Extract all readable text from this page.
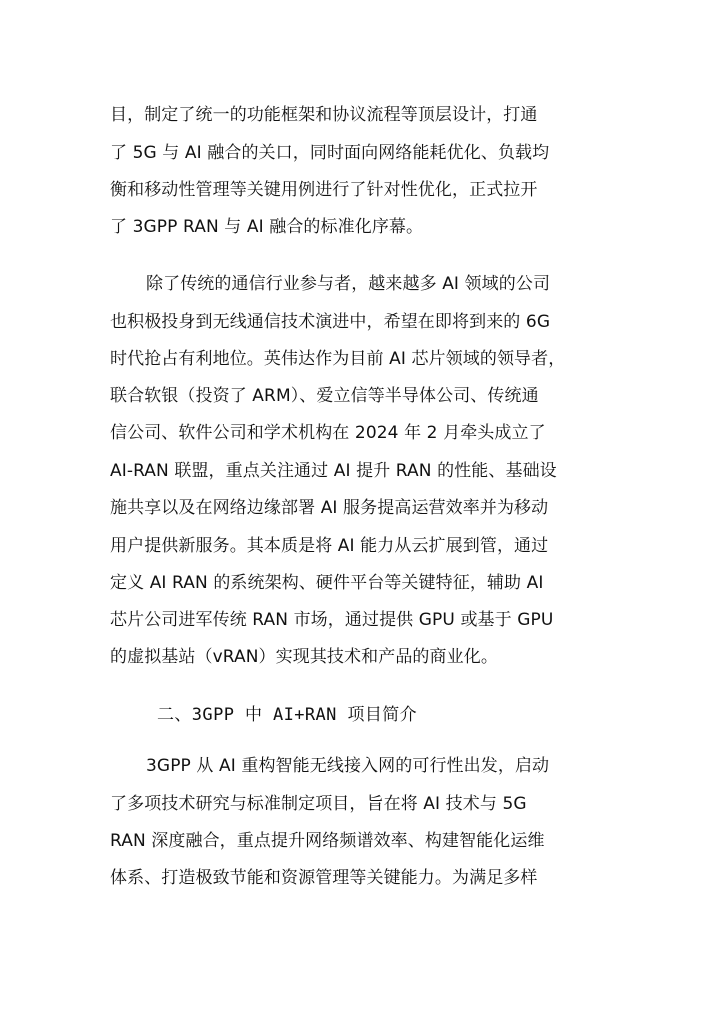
目，制定了统一的功能框架和协议流程等顶层设计，打通
了 5G 与 AI 融合的关口，同时面向网络能耗优化、负载均
衡和移动性管理等关键用例进行了针对性优化，正式拉开
了 3GPP RAN 与 AI 融合的标准化序幕。
除了传统的通信行业参与者，越来越多 AI 领域的公司
也积极投身到无线通信技术演进中，希望在即将到来的 6G
时代抢占有利地位。英伟达作为目前 AI 芯片领域的领导者，
联合软银（投资了 ARM）、爱立信等半导体公司、传统通
信公司、软件公司和学术机构在 2024 年 2 月牵头成立了
AI-RAN 联盟，重点关注通过 AI 提升 RAN 的性能、基础设
施共享以及在网络边缘部署 AI 服务提高运营效率并为移动
用户提供新服务。其本质是将 AI 能力从云扩展到管，通过
定义 AI RAN 的系统架构、硬件平台等关键特征，辅助 AI
芯片公司进军传统 RAN 市场，通过提供 GPU 或基于 GPU
的虚拟基站（vRAN）实现其技术和产品的商业化。
二、3GPP 中 AI+RAN 项目简介
3GPP 从 AI 重构智能无线接入网的可行性出发，启动
了多项技术研究与标准制定项目，旨在将 AI 技术与 5G
RAN 深度融合，重点提升网络频谱效率、构建智能化运维
体系、打造极致节能和资源管理等关键能力。为满足多样
